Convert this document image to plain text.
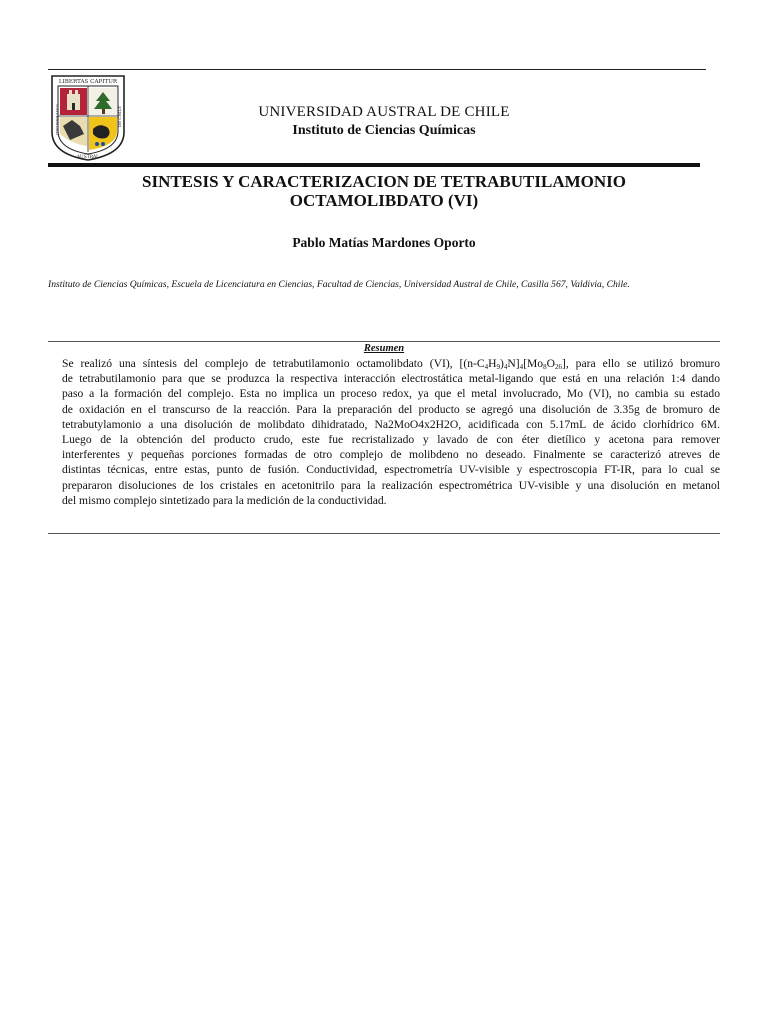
LIBERTAS CAPITUR
UNIVERSIDAD
AUSTRAL
DE CHILE	UNIVERSIDAD AUSTRAL DE CHILE
Instituto de Ciencias Químicas
SINTESIS Y CARACTERIZACION DE TETRABUTILAMONIO
OCTAMOLIBDATO (VI)
Pablo Matías Mardones Oporto
Instituto de Ciencias Químicas, Escuela de Licenciatura en Ciencias, Facultad de Ciencias, Universidad Austral de Chile, Casilla 567, Valdivia, Chile.
Resumen
Se realizó una síntesis del complejo de tetrabutilamonio octamolibdato (VI), $[(n-C_4H_9)_4N]_4[Mo_8O_{26}]$, para ello se utilizó bromuro
de tetrabutilamonio para que se produzca la respectiva interacción electrostática metal-ligando que está en una relación 1:4 dando
paso a la formación del complejo. Esta no implica un proceso redox, ya que el metal involucrado, Mo (VI), no cambia su estado
de oxidación en el transcurso de la reacción. Para la preparación del producto se agregó una disolución de 3.35g de bromuro de
tetrabutylamonio a una disolución de molibdato dihidratado, Na2MoO4x2H2O, acidificada con 5.17mL de ácido clorhídrico 6M.
Luego de la obtención del producto crudo, este fue recristalizado y lavado de con éter dietílico y acetona para remover
interferentes y pequeñas porciones formadas de otro complejo de molibdeno no deseado. Finalmente se caracterizó atreves de
distintas técnicas, entre estas, punto de fusión. Conductividad, espectrometría UV-visible y espectroscopia FT-IR, para lo cual se
prepararon disoluciones de los cristales en acetonitrilo para la realización espectrométrica UV-visible y una disolución en metanol
del mismo complejo sintetizado para la medición de la conductividad.
